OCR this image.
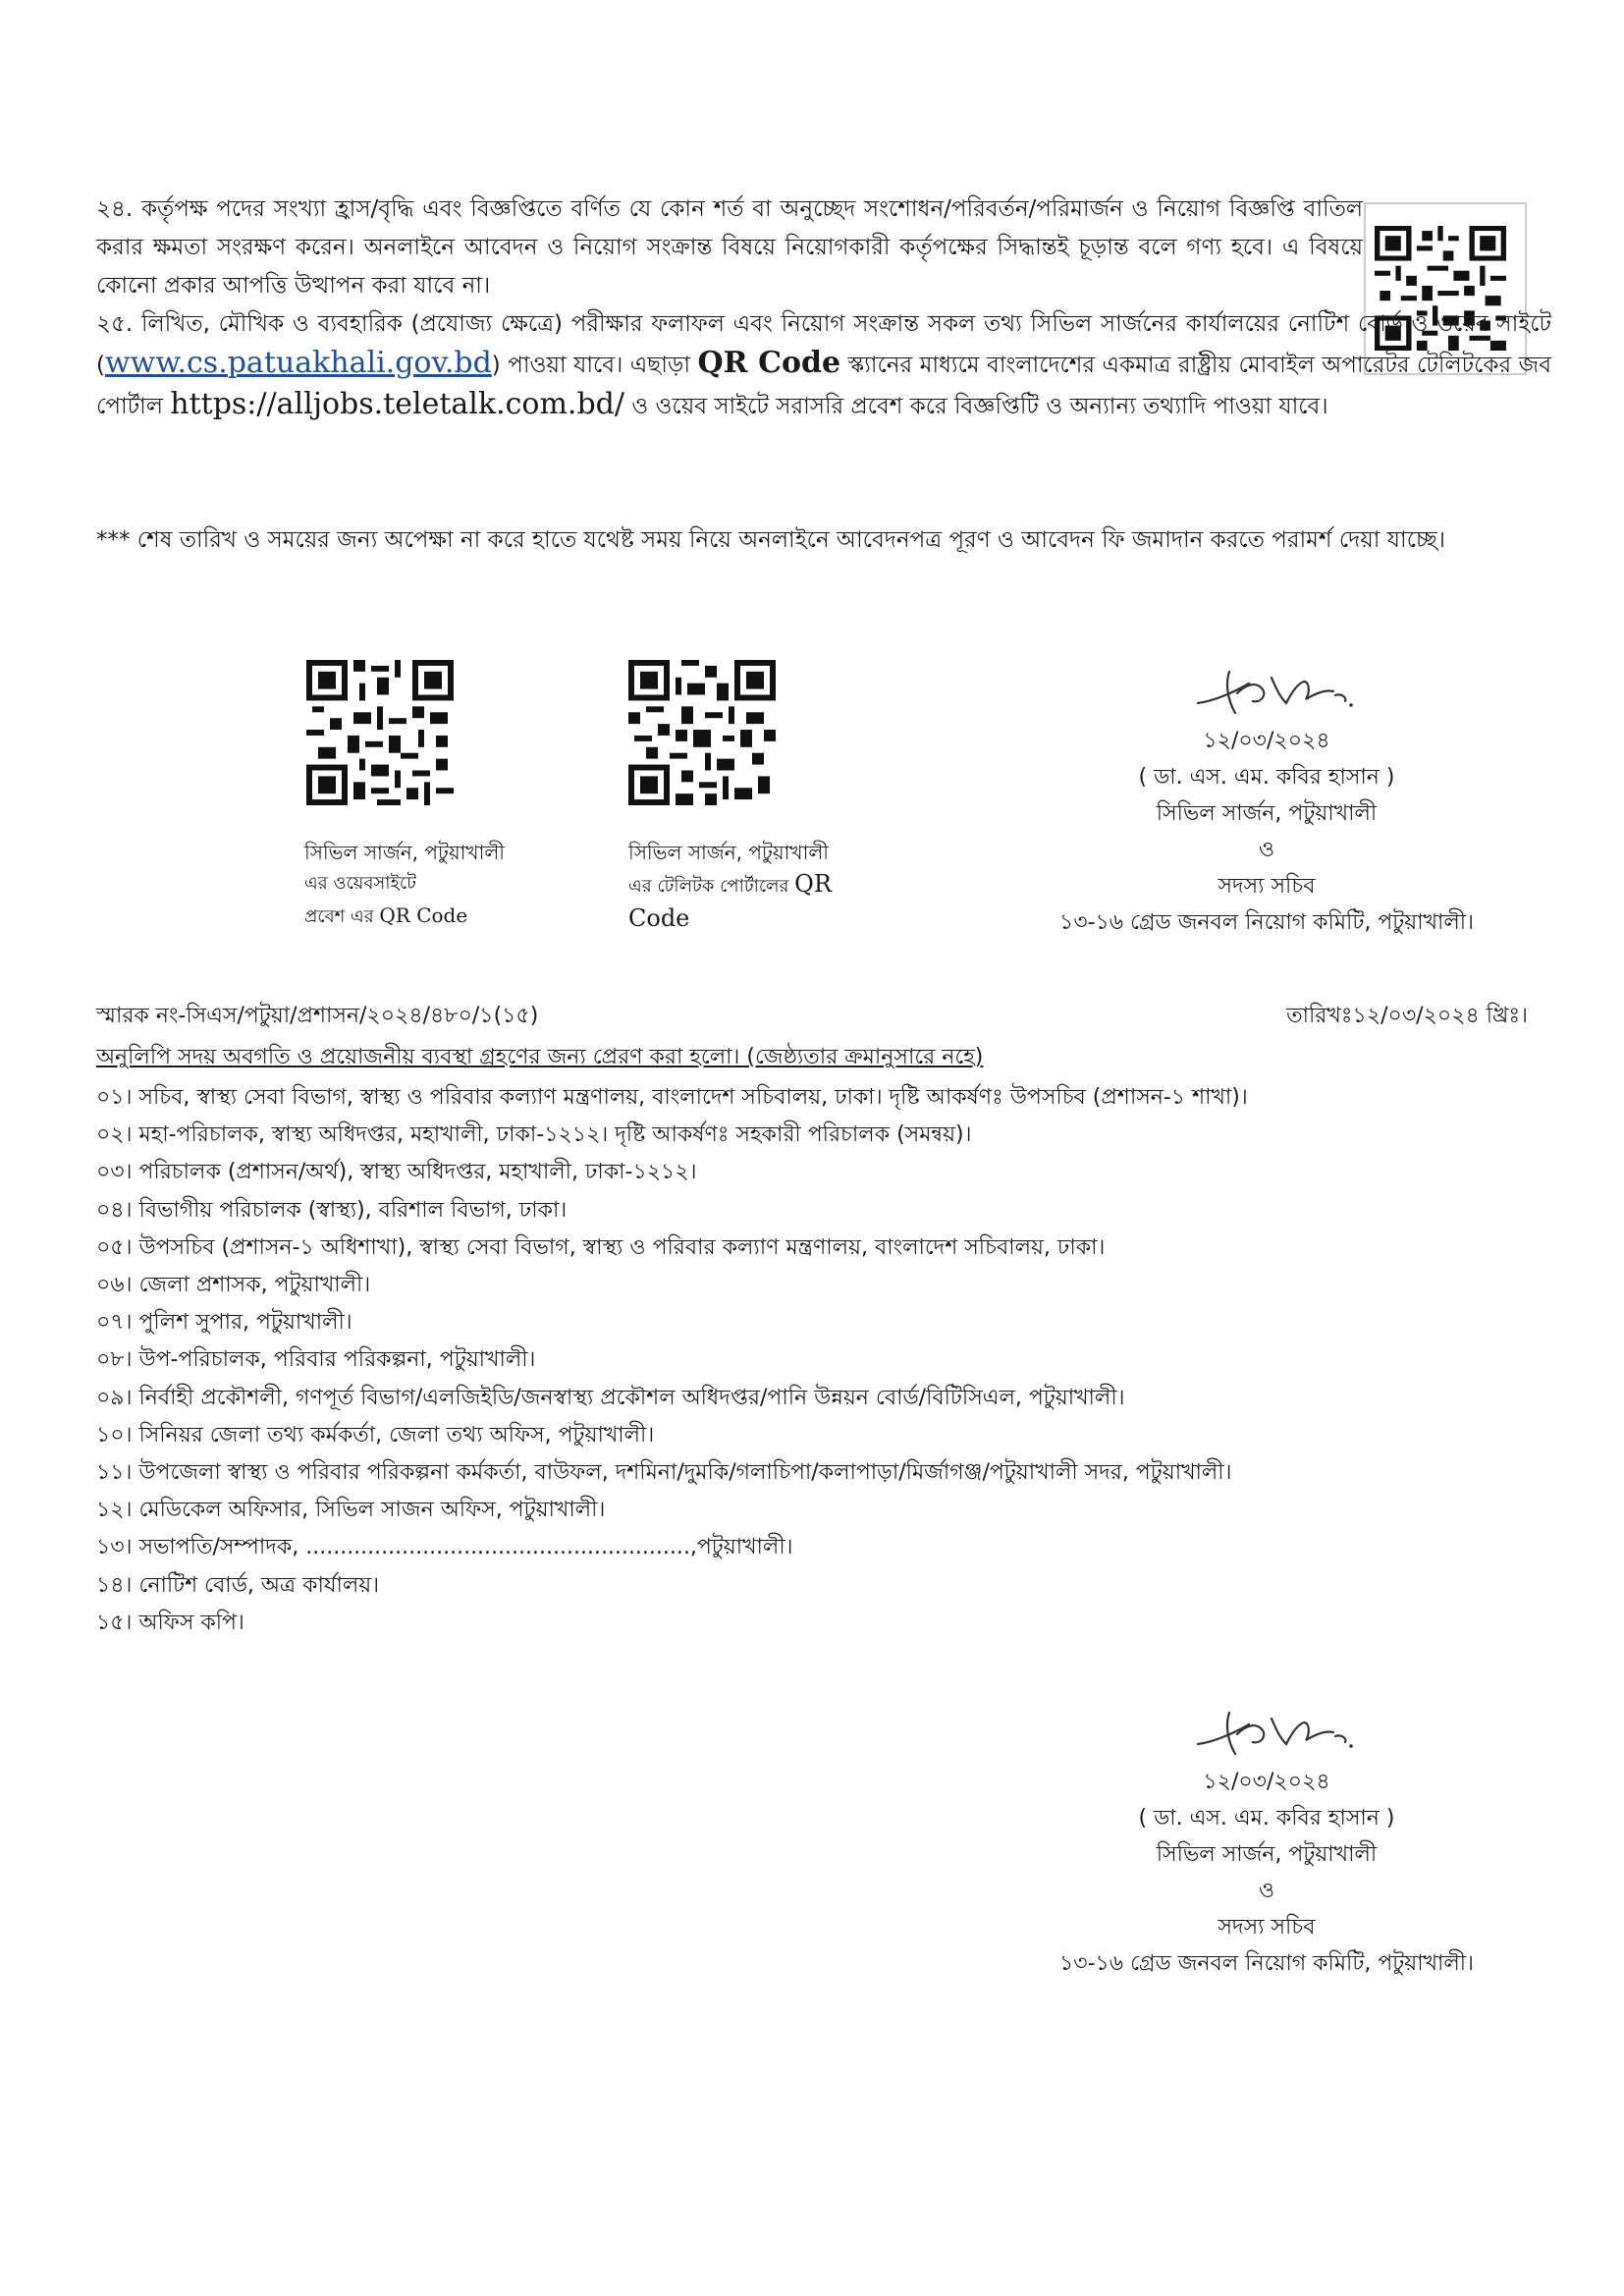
২৪. কর্তৃপক্ষ পদের সংখ্যা হ্রাস/বৃদ্ধি এবং বিজ্ঞপ্তিতে বর্ণিত যে কোন শর্ত বা অনুচ্ছেদ সংশোধন/পরিবর্তন/পরিমার্জন ও নিয়োগ বিজ্ঞপ্তি বাতিল করার ক্ষমতা সংরক্ষণ করেন। অনলাইনে আবেদন ও নিয়োগ সংক্রান্ত বিষয়ে নিয়োগকারী কর্তৃপক্ষের সিদ্ধান্তই চূড়ান্ত বলে গণ্য হবে। এ বিষয়ে কোনো প্রকার আপত্তি উত্থাপন করা যাবে না।

২৫. লিখিত, মৌখিক ও ব্যবহারিক (প্রযোজ্য ক্ষেত্রে) পরীক্ষার ফলাফল এবং নিয়োগ সংক্রান্ত সকল তথ্য সিভিল সার্জনের কার্যালয়ের নোটিশ বোর্ড ও ওয়েব সাইটে (www.cs.patuakhali.gov.bd) পাওয়া যাবে। এছাড়া QR Code স্ক্যানের মাধ্যমে বাংলাদেশের একমাত্র রাষ্ট্রীয় মোবাইল অপারেটর টেলিটকের জব পোর্টাল https://alljobs.teletalk.com.bd/ ও ওয়েব সাইটে সরাসরি প্রবেশ করে বিজ্ঞপ্তিটি ও অন্যান্য তথ্যাদি পাওয়া যাবে।

*** শেষ তারিখ ও সময়ের জন্য অপেক্ষা না করে হাতে যথেষ্ট সময় নিয়ে অনলাইনে আবেদনপত্র পূরণ ও আবেদন ফি জমাদান করতে পরামর্শ দেয়া যাচ্ছে।

সিভিল সার্জন, পটুয়াখালী
এর ওয়েবসাইটে
প্রবেশ এর QR Code
সিভিল সার্জন, পটুয়াখালী
এর টেলিটক পোর্টালের QR
Code
১২/০৩/২০২৪
( ডা. এস. এম. কবির হাসান )
সিভিল সার্জন, পটুয়াখালী
ও
সদস্য সচিব
১৩-১৬ গ্রেড জনবল নিয়োগ কমিটি, পটুয়াখালী।
স্মারক নং-সিএস/পটুয়া/প্রশাসন/২০২৪/৪৮০/১(১৫)	তারিখঃ১২/০৩/২০২৪ খ্রিঃ।
অনুলিপি সদয় অবগতি ও প্রয়োজনীয় ব্যবস্থা গ্রহণের জন্য প্রেরণ করা হলো। (জেষ্ঠ্যতার ক্রমানুসারে নহে)
০১। সচিব, স্বাস্থ্য সেবা বিভাগ, স্বাস্থ্য ও পরিবার কল্যাণ মন্ত্রণালয়, বাংলাদেশ সচিবালয়, ঢাকা। দৃষ্টি আকর্ষণঃ উপসচিব (প্রশাসন-১ শাখা)।
০২। মহা-পরিচালক, স্বাস্থ্য অধিদপ্তর, মহাখালী, ঢাকা-১২১২। দৃষ্টি আকর্ষণঃ সহকারী পরিচালক (সমন্বয়)।
০৩। পরিচালক (প্রশাসন/অর্থ), স্বাস্থ্য অধিদপ্তর, মহাখালী, ঢাকা-১২১২।
০৪। বিভাগীয় পরিচালক (স্বাস্থ্য), বরিশাল বিভাগ, ঢাকা।
০৫। উপসচিব (প্রশাসন-১ অধিশাখা), স্বাস্থ্য সেবা বিভাগ, স্বাস্থ্য ও পরিবার কল্যাণ মন্ত্রণালয়, বাংলাদেশ সচিবালয়, ঢাকা।
০৬। জেলা প্রশাসক, পটুয়াখালী।
০৭। পুলিশ সুপার, পটুয়াখালী।
০৮। উপ-পরিচালক, পরিবার পরিকল্পনা, পটুয়াখালী।
০৯। নির্বাহী প্রকৌশলী, গণপূর্ত বিভাগ/এলজিইডি/জনস্বাস্থ্য প্রকৌশল অধিদপ্তর/পানি উন্নয়ন বোর্ড/বিটিসিএল, পটুয়াখালী।
১০। সিনিয়র জেলা তথ্য কর্মকর্তা, জেলা তথ্য অফিস, পটুয়াখালী।
১১। উপজেলা স্বাস্থ্য ও পরিবার পরিকল্পনা কর্মকর্তা, বাউফল, দশমিনা/দুমকি/গলাচিপা/কলাপাড়া/মির্জাগঞ্জ/পটুয়াখালী সদর, পটুয়াখালী।
১২। মেডিকেল অফিসার, সিভিল সাজন অফিস, পটুয়াখালী।
১৩। সভাপতি/সম্পাদক, ........................................................,পটুয়াখালী।
১৪। নোটিশ বোর্ড, অত্র কার্যালয়।
১৫। অফিস কপি।
১২/০৩/২০২৪
( ডা. এস. এম. কবির হাসান )
সিভিল সার্জন, পটুয়াখালী
ও
সদস্য সচিব
১৩-১৬ গ্রেড জনবল নিয়োগ কমিটি, পটুয়াখালী।
